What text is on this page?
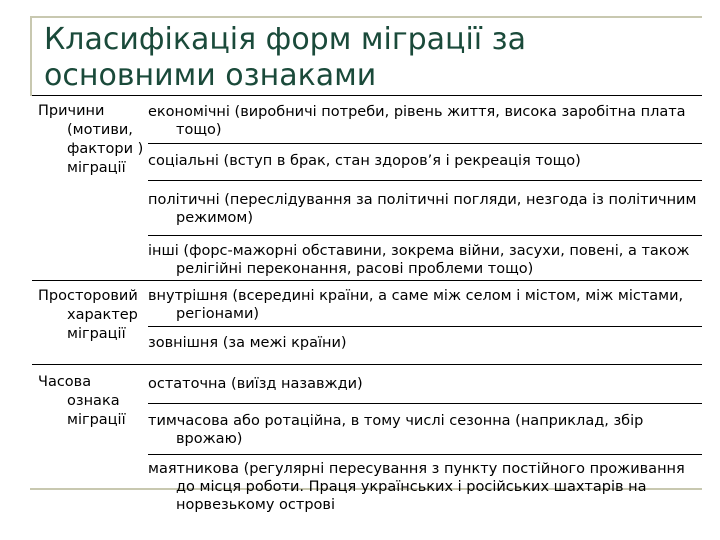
Класифікація форм міграції за основними ознаками
Причини (мотиви, фактори ) міграції
економічні (виробничі потреби, рівень життя, висока заробітна плата тощо)
соціальні (вступ в брак, стан здоров’я і рекреація тощо)
політичні (переслідування за політичні погляди, незгода із політичним режимом)
інші (форс-мажорні обставини, зокрема війни, засухи, повені, а також релігійні переконання, расові проблеми тощо)
Просторовий характер міграції
внутрішня (всередині країни, а саме між селом і містом, між містами, регіонами)
зовнішня (за межі країни)
Часова ознака міграції
остаточна (виїзд назавжди)
тимчасова або ротаційна, в тому числі сезонна (наприклад, збір врожаю)
маятникова (регулярні пересування з пункту постійного проживання до місця роботи. Праця українських і російських шахтарів на норвезькому острові
